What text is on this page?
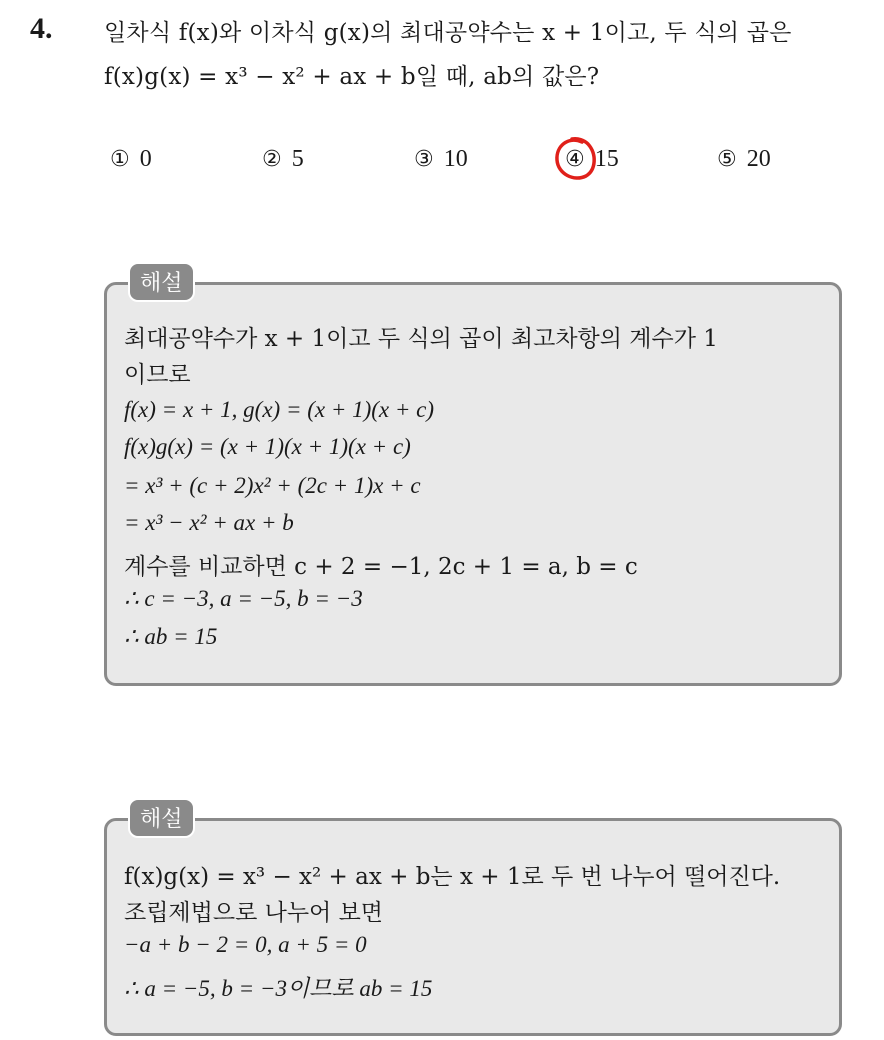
4. 일차식 f(x)와 이차식 g(x)의 최대공약수는 x + 1이고, 두 식의 곱은
f(x)g(x) = x³ − x² + ax + b일 때, ab의 값은?
① 0	② 5	③ 10	④ 15	⑤ 20
해설
최대공약수가 x + 1이고 두 식의 곱이 최고차항의 계수가 1
이므로
f(x) = x + 1, g(x) = (x + 1)(x + c)
f(x)g(x) = (x + 1)(x + 1)(x + c)
= x³ + (c + 2)x² + (2c + 1)x + c
= x³ − x² + ax + b
계수를 비교하면 c + 2 = −1, 2c + 1 = a, b = c
∴ c = −3, a = −5, b = −3
∴ ab = 15
해설
f(x)g(x) = x³ − x² + ax + b는 x + 1로 두 번 나누어 떨어진다.
조립제법으로 나누어 보면
−a + b − 2 = 0, a + 5 = 0
∴ a = −5, b = −3이므로 ab = 15
